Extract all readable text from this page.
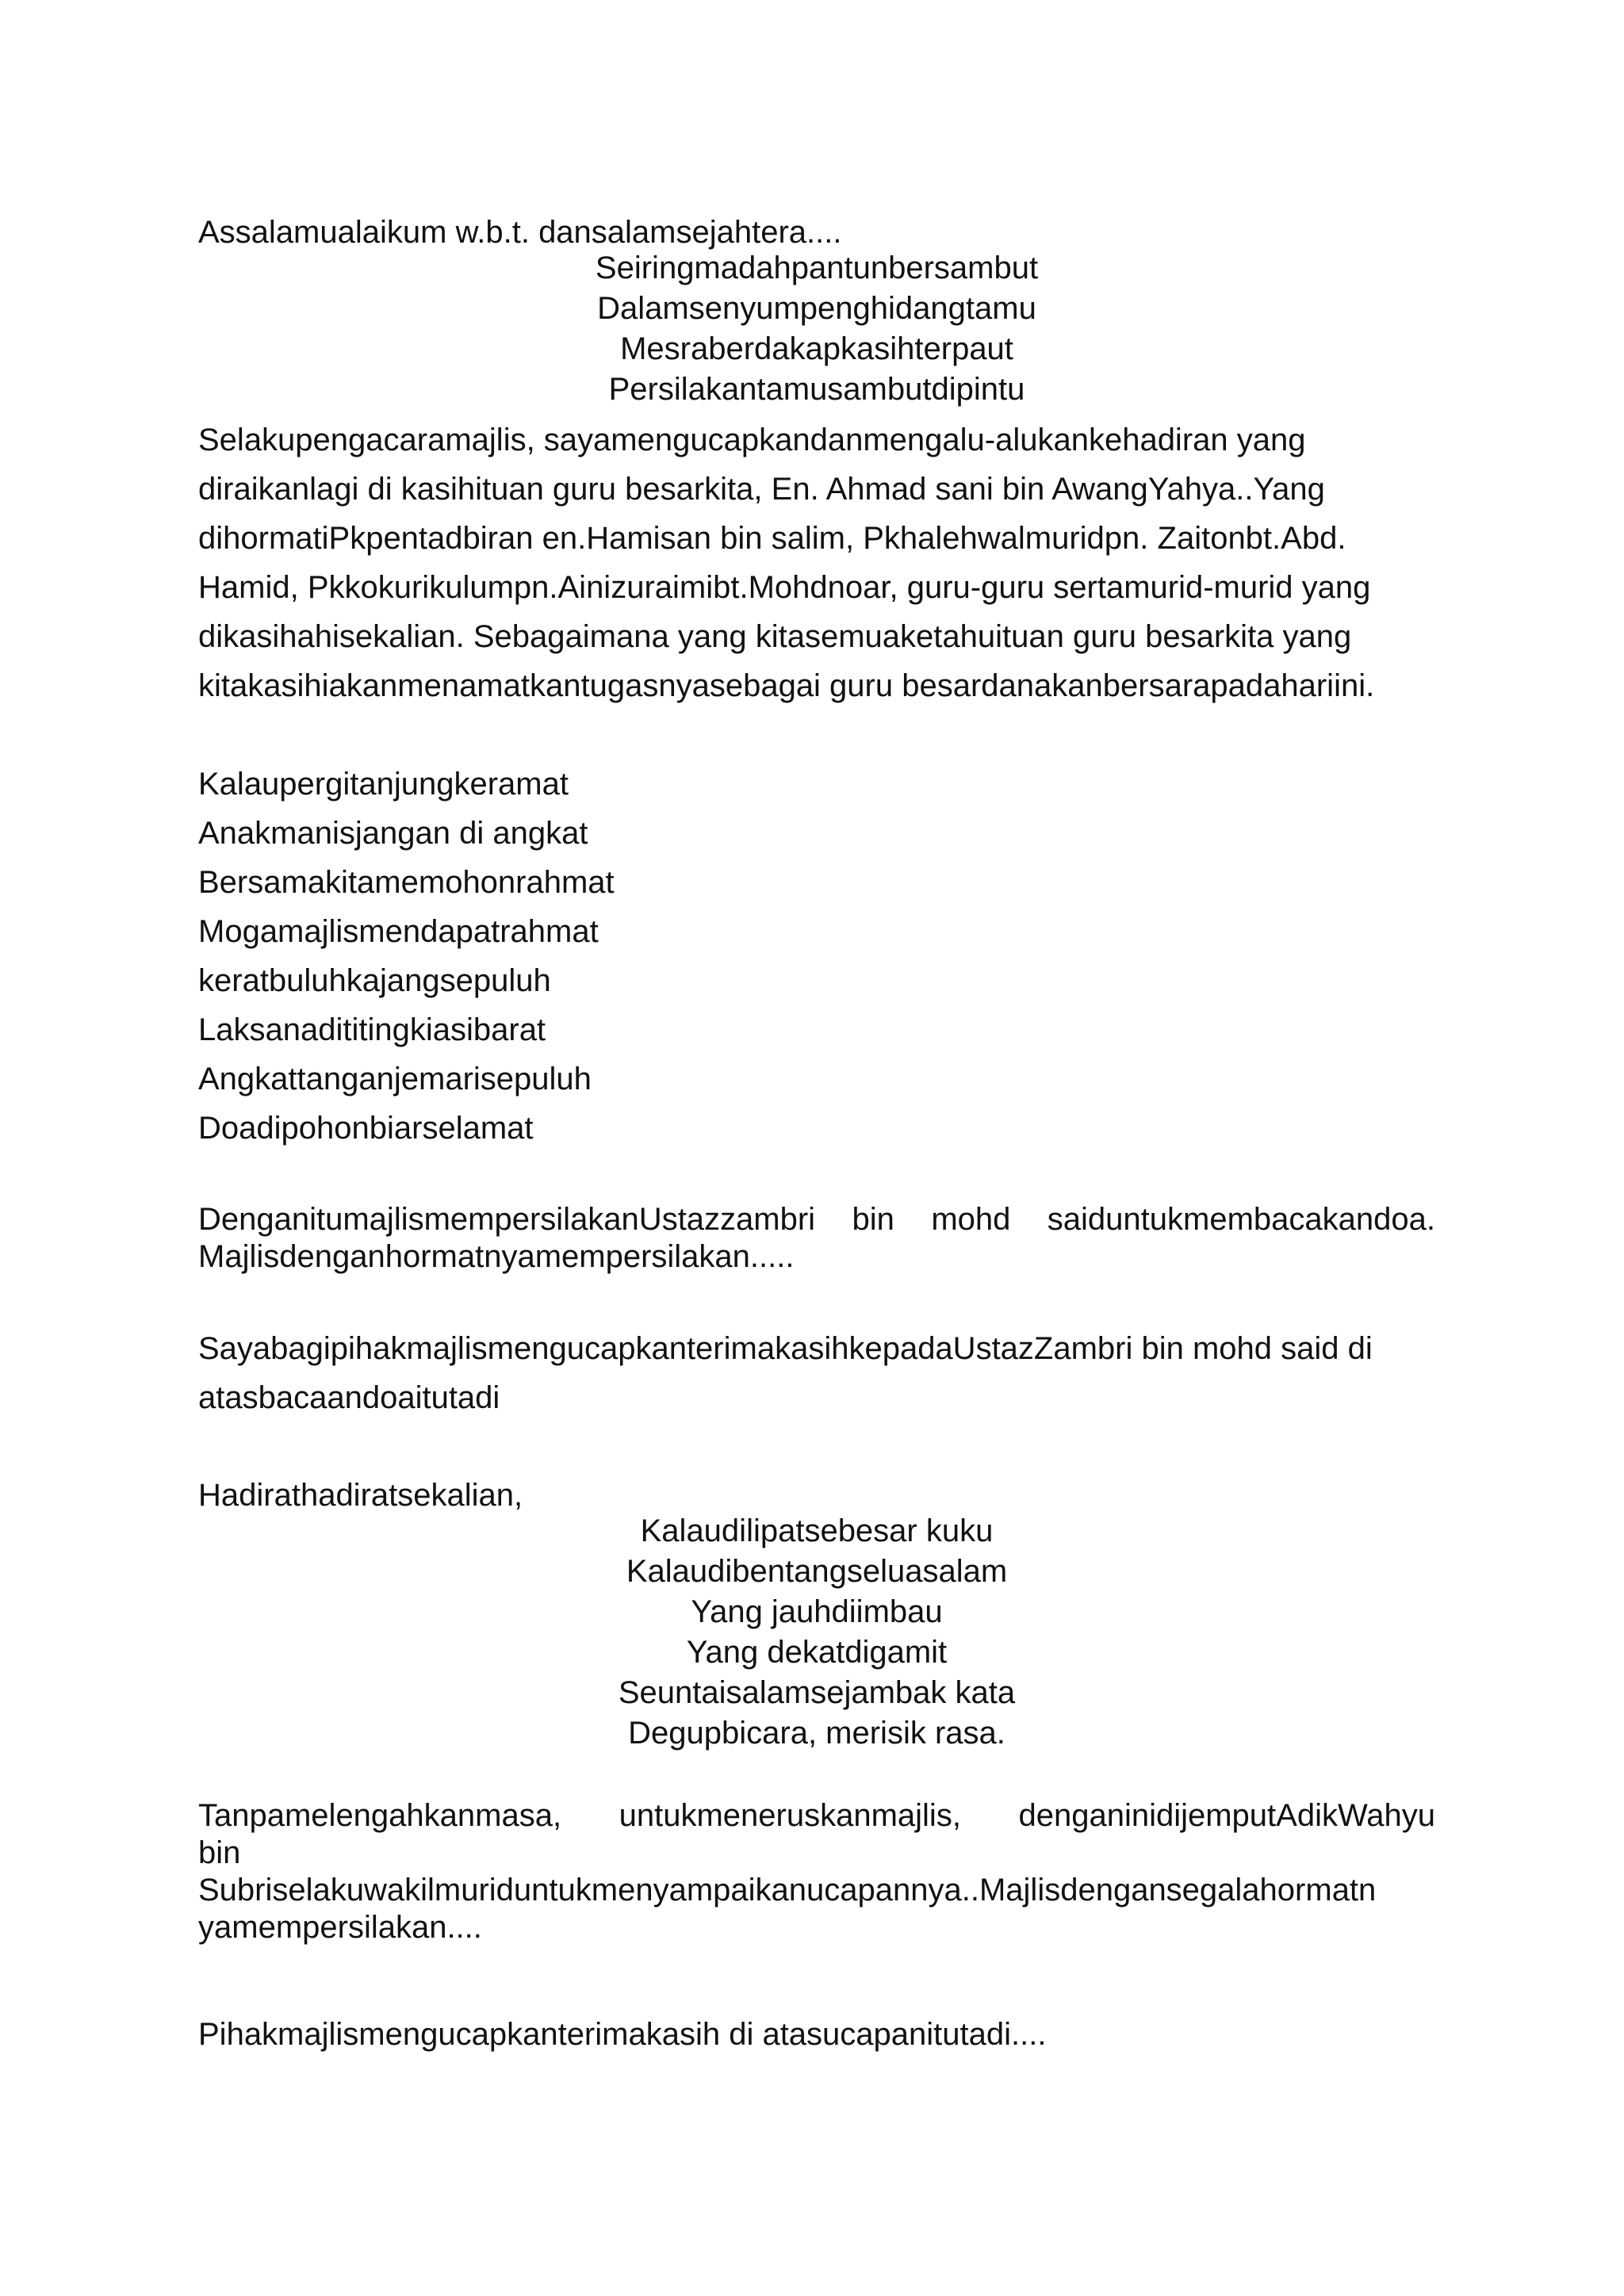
Assalamualaikum w.b.t. dansalamsejahtera....
Seiringmadahpantunbersambut
Dalamsenyumpenghidangtamu
Mesraberdakapkasihterpaut
Persilakantamusambutdipintu
Selakupengacaramajlis, sayamengucapkandanmengalu-alukankehadiran yang
diraikanlagi di kasihituan guru besarkita, En. Ahmad sani bin AwangYahya..Yang
dihormatiPkpentadbiran en.Hamisan bin salim, Pkhalehwalmuridpn. Zaitonbt.Abd.
Hamid, Pkkokurikulumpn.Ainizuraimibt.Mohdnoar, guru-guru sertamurid-murid yang
dikasihahisekalian. Sebagaimana yang kitasemuaketahuituan guru besarkita yang
kitakasihiakanmenamatkantugasnyasebagai guru besardanakanbersarapadahariini.
Kalaupergitanjungkeramat
Anakmanisjangan di angkat
Bersamakitamemohonrahmat
Mogamajlismendapatrahmat
keratbuluhkajangsepuluh
Laksanadititingkiasibarat
Angkattanganjemarisepuluh
Doadipohonbiarselamat
DenganitumajlismempersilakanUstazzambri bin mohd saiduntukmembacakandoa.
Majlisdenganhormatnyamempersilakan.....
SayabagipihakmajlismengucapkanterimakasihkepadaUstazZambri bin mohd said di
atasbacaandoaitutadi
Hadirathadiratsekalian,
Kalaudilipatsebesar kuku
Kalaudibentangseluasalam
Yang jauhdiimbau
Yang dekatdigamit
Seuntaisalamsejambak kata
Degupbicara, merisik rasa.
Tanpamelengahkanmasa, untukmeneruskanmajlis, denganinidijemputAdikWahyu
bin
Subriselakuwakilmuriduntukmenyampaikanucapannya..Majlisdengansegalahormatn
yamempersilakan....
Pihakmajlismengucapkanterimakasih di atasucapanitutadi....
